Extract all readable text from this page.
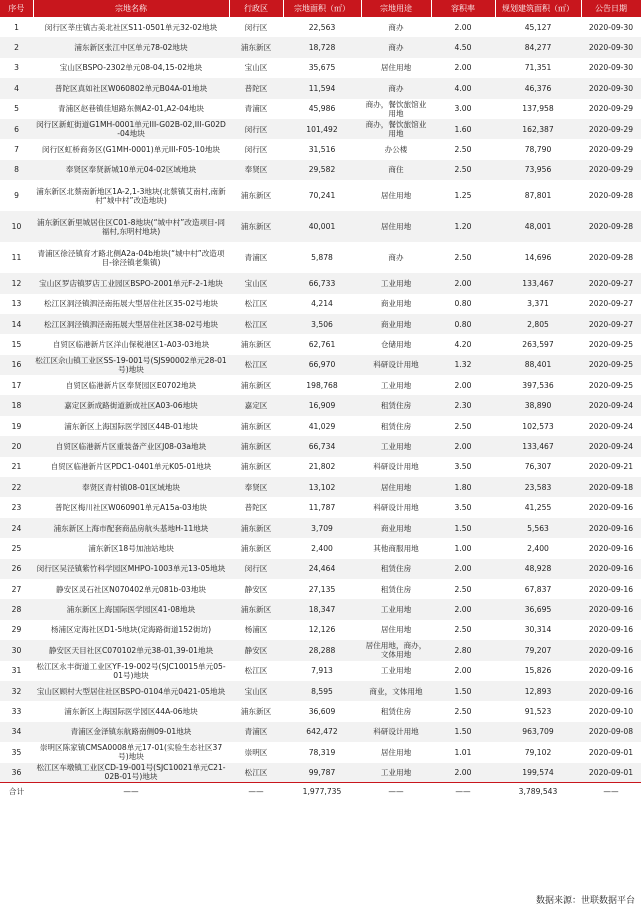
序号	宗地名称	行政区	宗地面积（㎡）	宗地用途	容积率	规划建筑面积（㎡）	公告日期
1	闵行区莘庄镇古美北社区S11-0501单元32-02地块	闵行区	22,563	商办	2.00	45,127	2020-09-30
2	浦东新区张江中区单元78-02地块	浦东新区	18,728	商办	4.50	84,277	2020-09-30
3	宝山区BSPO-2302单元08-04,15-02地块	宝山区	35,675	居住用地	2.00	71,351	2020-09-30
4	普陀区真如社区W060802单元B04A-01地块	普陀区	11,594	商办	4.00	46,376	2020-09-30
5	青浦区赵巷镇佳旭路东侧A2-01,A2-04地块	青浦区	45,986	商办，餐饮旅馆业用地	3.00	137,958	2020-09-29
6	闵行区新虹街道G1MH-0001单元III-G02B-02,III-G02D-04地块	闵行区	101,492	商办，餐饮旅馆业用地	1.60	162,387	2020-09-29
7	闵行区虹桥商务区(G1MH-0001)单元III-F05-10地块	闵行区	31,516	办公楼	2.50	78,790	2020-09-29
8	奉贤区奉贤新城10单元04-02区域地块	奉贤区	29,582	商住	2.50	73,956	2020-09-29
9	浦东新区北蔡南新地区1A-2,1-3地块(北蔡镇艾南村,南新村“城中村”改造地块)	浦东新区	70,241	居住用地	1.25	87,801	2020-09-28
10	浦东新区新里城居住区C01-8地块(“城中村”改造项目-同福村,东明村地块)	浦东新区	40,001	居住用地	1.20	48,001	2020-09-28
11	青浦区徐泾镇育才路北侧A2a-04b地块(“城中村”改造项目-徐泾镇老集镇)	青浦区	5,878	商办	2.50	14,696	2020-09-28
12	宝山区罗店镇罗店工业园区BSPO-2001单元F-2-1地块	宝山区	66,733	工业用地	2.00	133,467	2020-09-27
13	松江区洞泾镇泗泾南拓展大型居住社区35-02号地块	松江区	4,214	商业用地	0.80	3,371	2020-09-27
14	松江区洞泾镇泗泾南拓展大型居住社区38-02号地块	松江区	3,506	商业用地	0.80	2,805	2020-09-27
15	自贸区临港新片区洋山保税港区1-A03-03地块	浦东新区	62,761	仓储用地	4.20	263,597	2020-09-25
16	松江区佘山镇工业区SS-19-001号(SJS90002单元28-01号)地块	松江区	66,970	科研设计用地	1.32	88,401	2020-09-25
17	自贸区临港新片区奉贤园区E0702地块	浦东新区	198,768	工业用地	2.00	397,536	2020-09-25
18	嘉定区新成路街道新成社区A03-06地块	嘉定区	16,909	租赁住房	2.30	38,890	2020-09-24
19	浦东新区上海国际医学园区44B-01地块	浦东新区	41,029	租赁住房	2.50	102,573	2020-09-24
20	自贸区临港新片区重装备产业区J08-03a地块	浦东新区	66,734	工业用地	2.00	133,467	2020-09-24
21	自贸区临港新片区PDC1-0401单元K05-01地块	浦东新区	21,802	科研设计用地	3.50	76,307	2020-09-21
22	奉贤区青村镇08-01区域地块	奉贤区	13,102	居住用地	1.80	23,583	2020-09-18
23	普陀区梅川社区W060901单元A15a-03地块	普陀区	11,787	科研设计用地	3.50	41,255	2020-09-16
24	浦东新区上海市配套商品房航头基地H-11地块	浦东新区	3,709	商业用地	1.50	5,563	2020-09-16
25	浦东新区18号加油站地块	浦东新区	2,400	其他商服用地	1.00	2,400	2020-09-16
26	闵行区吴泾镇紫竹科学园区MHPO-1003单元13-05地块	闵行区	24,464	租赁住房	2.00	48,928	2020-09-16
27	静安区灵石社区N070402单元081b-03地块	静安区	27,135	租赁住房	2.50	67,837	2020-09-16
28	浦东新区上海国际医学园区41-08地块	浦东新区	18,347	工业用地	2.00	36,695	2020-09-16
29	杨浦区定海社区D1-5地块(定海路街道152街坊)	杨浦区	12,126	居住用地	2.50	30,314	2020-09-16
30	静安区天目社区C070102单元38-01,39-01地块	静安区	28,288	居住用地，商办，文体用地	2.80	79,207	2020-09-16
31	松江区永丰街道工业区YF-19-002号(SJC10015单元05-01号)地块	松江区	7,913	工业用地	2.00	15,826	2020-09-16
32	宝山区顾村大型居住社区BSPO-0104单元0421-05地块	宝山区	8,595	商业，文体用地	1.50	12,893	2020-09-16
33	浦东新区上海国际医学园区44A-06地块	浦东新区	36,609	租赁住房	2.50	91,523	2020-09-10
34	青浦区金泽镇东航路南侧09-01地块	青浦区	642,472	科研设计用地	1.50	963,709	2020-09-08
35	崇明区陈家镇CMSA0008单元17-01(实验生态社区37号)地块	崇明区	78,319	居住用地	1.01	79,102	2020-09-01
36	松江区车墩镇工业区CD-19-001号(SJC10021单元C21-02B-01号)地块	松江区	99,787	工业用地	2.00	199,574	2020-09-01
合计	——	——	1,977,735	——	——	3,789,543	——
数据来源：世联数据平台
